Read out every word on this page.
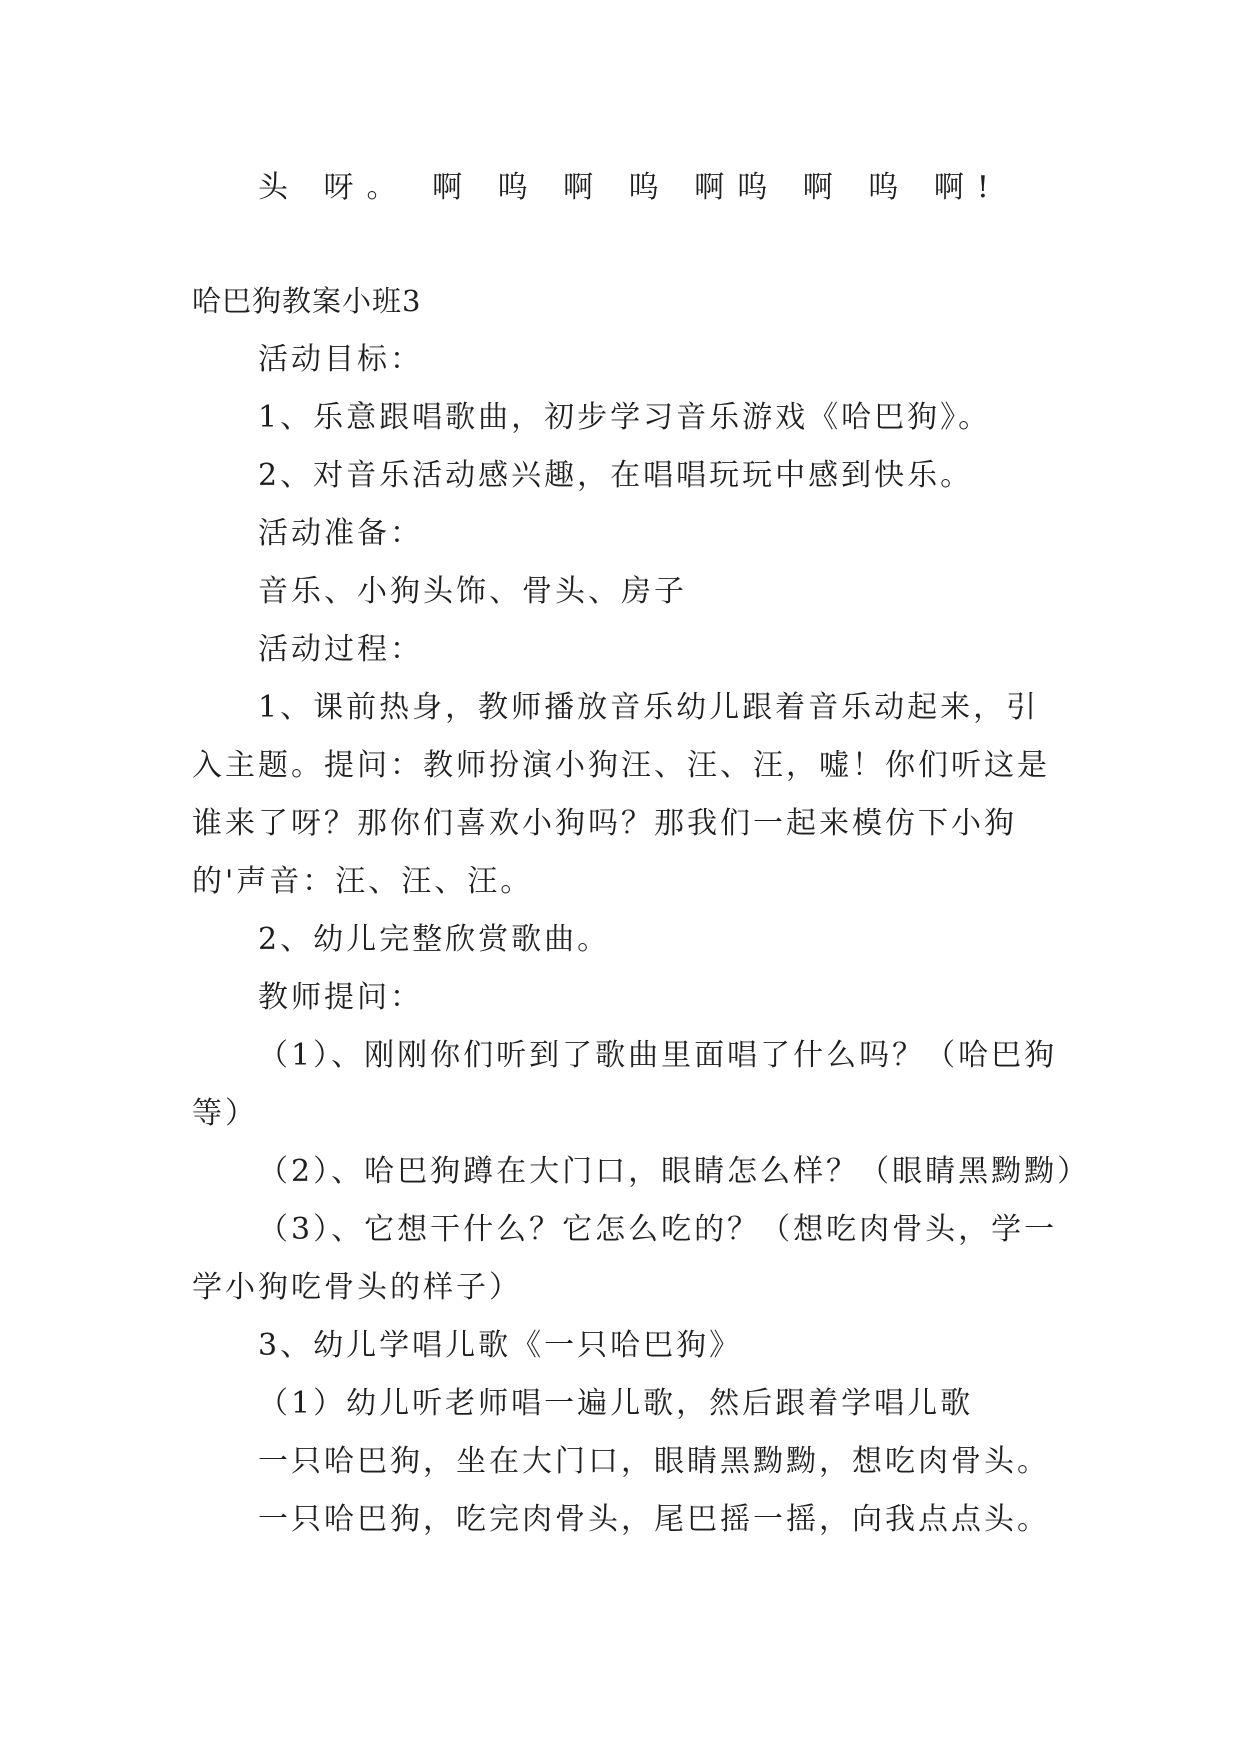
头 呀。 啊 呜 啊 呜 啊呜 啊 呜 啊!
哈巴狗教案小班3
活动目标：
1、乐意跟唱歌曲，初步学习音乐游戏《哈巴狗》。
2、对音乐活动感兴趣，在唱唱玩玩中感到快乐。
活动准备：
音乐、小狗头饰、骨头、房子
活动过程：
1、课前热身，教师播放音乐幼儿跟着音乐动起来，引
入主题。提问：教师扮演小狗汪、汪、汪，嘘！你们听这是
谁来了呀？那你们喜欢小狗吗？那我们一起来模仿下小狗
的'声音：汪、汪、汪。
2、幼儿完整欣赏歌曲。
教师提问：
（1）、刚刚你们听到了歌曲里面唱了什么吗？（哈巴狗
等）
（2）、哈巴狗蹲在大门口，眼睛怎么样？（眼睛黑黝黝）
（3）、它想干什么？它怎么吃的？（想吃肉骨头，学一
学小狗吃骨头的样子）
3、幼儿学唱儿歌《一只哈巴狗》
（1）幼儿听老师唱一遍儿歌，然后跟着学唱儿歌
一只哈巴狗，坐在大门口，眼睛黑黝黝，想吃肉骨头。
一只哈巴狗，吃完肉骨头，尾巴摇一摇，向我点点头。
